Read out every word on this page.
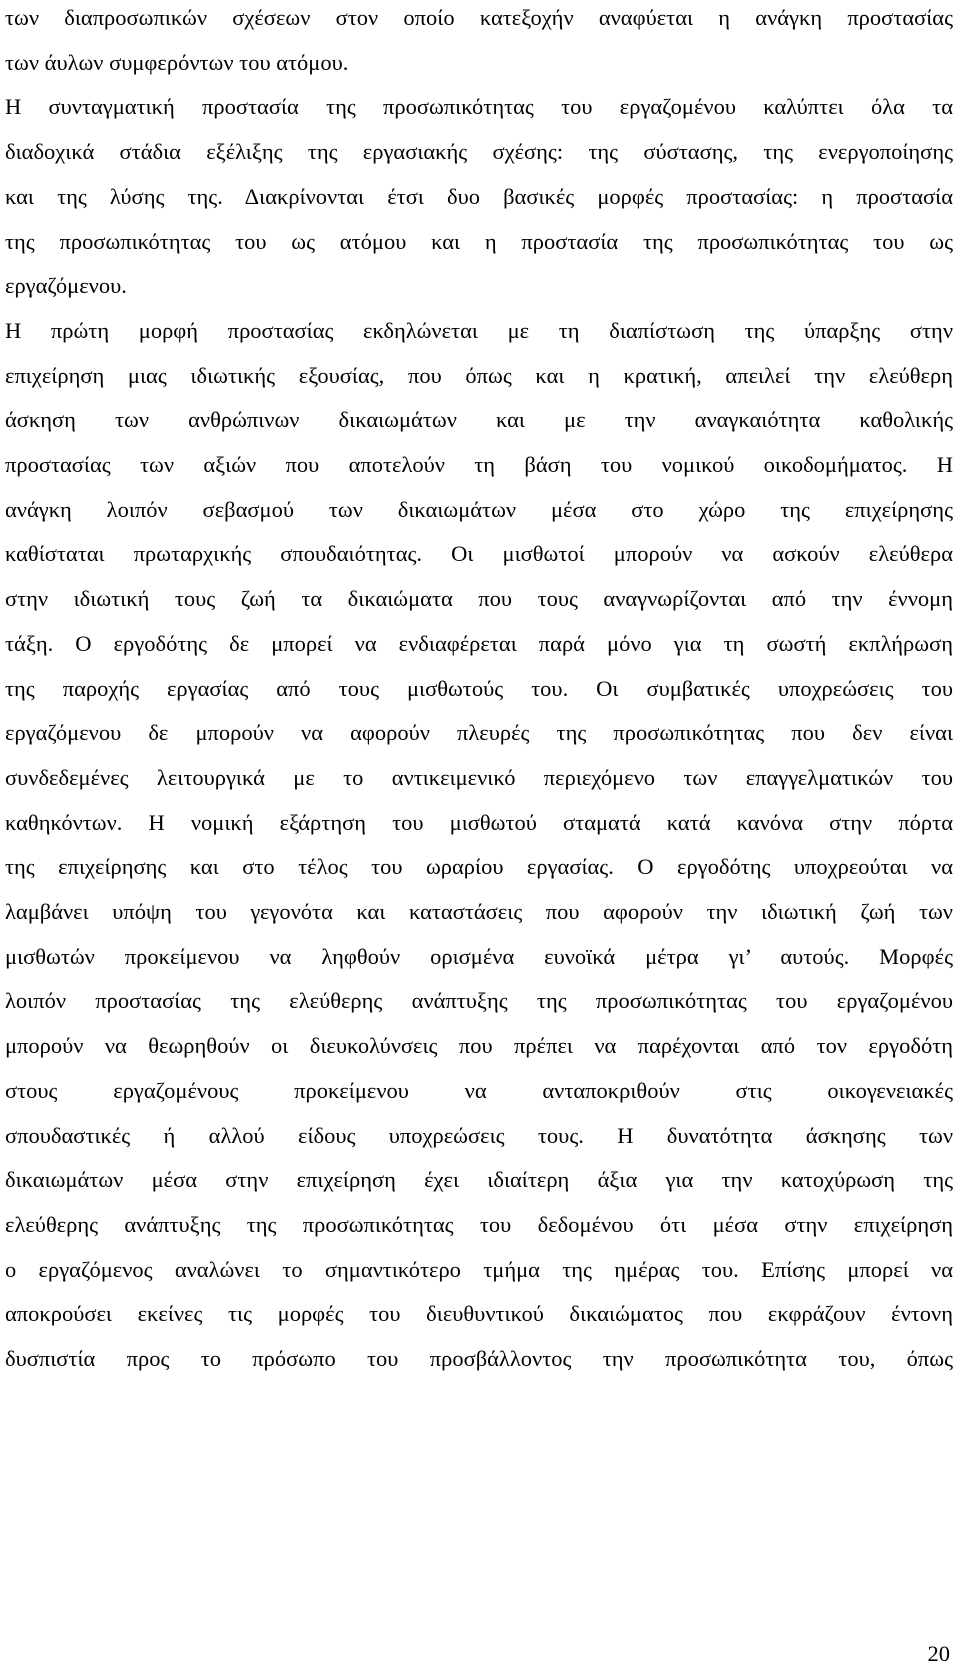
των διαπροσωπικών σχέσεων στον οποίο κατεξοχήν αναφύεται η ανάγκη προστασίας
των άυλων συμφερόντων του ατόμου.
Η συνταγματική προστασία της προσωπικότητας του εργαζομένου καλύπτει όλα τα
διαδοχικά στάδια εξέλιξης της εργασιακής σχέσης: της σύστασης, της ενεργοποίησης
και της λύσης της. Διακρίνονται έτσι δυο βασικές μορφές προστασίας: η προστασία
της προσωπικότητας του ως ατόμου και η προστασία της προσωπικότητας του ως
εργαζόμενου.
Η πρώτη μορφή προστασίας εκδηλώνεται με τη διαπίστωση της ύπαρξης στην
επιχείρηση μιας ιδιωτικής εξουσίας, που όπως και η κρατική, απειλεί την ελεύθερη
άσκηση των ανθρώπινων δικαιωμάτων και με την αναγκαιότητα καθολικής
προστασίας των αξιών που αποτελούν τη βάση του νομικού οικοδομήματος. Η
ανάγκη λοιπόν σεβασμού των δικαιωμάτων μέσα στο χώρο της επιχείρησης
καθίσταται πρωταρχικής σπουδαιότητας. Οι μισθωτοί μπορούν να ασκούν ελεύθερα
στην ιδιωτική τους ζωή τα δικαιώματα που τους αναγνωρίζονται από την έννομη
τάξη. Ο εργοδότης δε μπορεί να ενδιαφέρεται παρά μόνο για τη σωστή εκπλήρωση
της παροχής εργασίας από τους μισθωτούς του. Οι συμβατικές υποχρεώσεις του
εργαζόμενου δε μπορούν να αφορούν πλευρές της προσωπικότητας που δεν είναι
συνδεδεμένες λειτουργικά με το αντικειμενικό περιεχόμενο των επαγγελματικών του
καθηκόντων. Η νομική εξάρτηση του μισθωτού σταματά κατά κανόνα στην πόρτα
της επιχείρησης και στο τέλος του ωραρίου εργασίας. Ο εργοδότης υποχρεούται να
λαμβάνει υπόψη του γεγονότα και καταστάσεις που αφορούν την ιδιωτική ζωή των
μισθωτών προκείμενου να ληφθούν ορισμένα ευνοϊκά μέτρα γι’ αυτούς. Μορφές
λοιπόν προστασίας της ελεύθερης ανάπτυξης της προσωπικότητας του εργαζομένου
μπορούν να θεωρηθούν οι διευκολύνσεις που πρέπει να παρέχονται από τον εργοδότη
στους εργαζομένους προκείμενου να ανταποκριθούν στις οικογενειακές
σπουδαστικές ή αλλού είδους υποχρεώσεις τους. Η δυνατότητα άσκησης των
δικαιωμάτων μέσα στην επιχείρηση έχει ιδιαίτερη άξια για την κατοχύρωση της
ελεύθερης ανάπτυξης της προσωπικότητας του δεδομένου ότι μέσα στην επιχείρηση
ο εργαζόμενος αναλώνει το σημαντικότερο τμήμα της ημέρας του. Επίσης μπορεί να
αποκρούσει εκείνες τις μορφές του διευθυντικού δικαιώματος που εκφράζουν έντονη
δυσπιστία προς το πρόσωπο του προσβάλλοντος την προσωπικότητα του, όπως
20
